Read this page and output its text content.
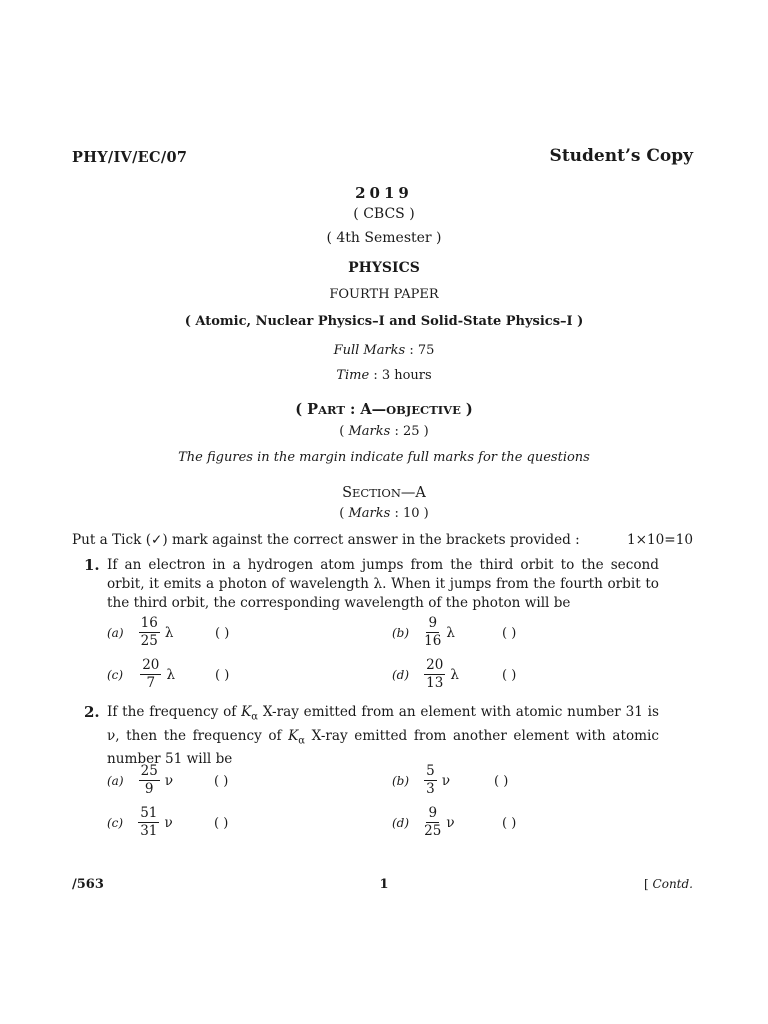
PHY/IV/EC/07	Student’s Copy
2019
( CBCS )
( 4th Semester )
PHYSICS
FOURTH PAPER
( Atomic, Nuclear Physics–I and Solid-State Physics–I )
Full Marks : 75
Time : 3 hours
( PART : A—OBJECTIVE )
( Marks : 25 )
The figures in the margin indicate full marks for the questions
SECTION—A
( Marks : 10 )
Put a Tick (✓) mark against the correct answer in the brackets provided :	1×10=10
1. If an electron in a hydrogen atom jumps from the third orbit to the second orbit, it emits a photon of wavelength λ. When it jumps from the fourth orbit to the third orbit, the corresponding wavelength of the photon will be
$(a) \frac{16}{25}$ λ	( )	$(b) \frac{9}{16}$ λ	( )
$(c) \frac{20}{7}$ λ	( )	$(d) \frac{20}{13}$ λ	( )
2. If the frequency of $K_\alpha$ X-ray emitted from an element with atomic number 31 is ν, then the frequency of $K_\alpha$ X-ray emitted from another element with atomic number 51 will be
$(a) \frac{25}{9}$ ν	( )	$(b) \frac{5}{3}$ ν	( )
$(c) \frac{51}{31}$ ν	( )	$(d) \frac{9}{25}$ ν	( )
/563	1	[ Contd.
